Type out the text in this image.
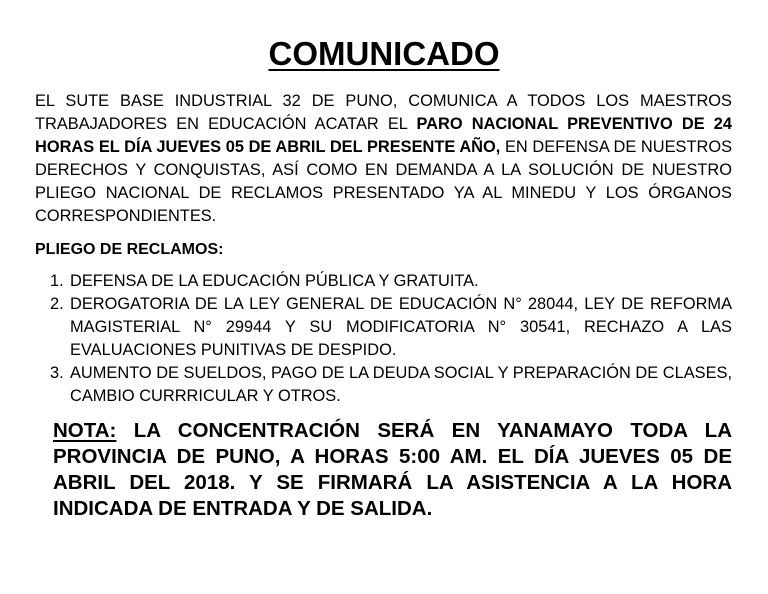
COMUNICADO

EL SUTE BASE INDUSTRIAL 32 DE PUNO, COMUNICA A TODOS LOS MAESTROS TRABAJADORES EN EDUCACIÓN ACATAR EL PARO NACIONAL PREVENTIVO DE 24 HORAS EL DÍA JUEVES 05 DE ABRIL DEL PRESENTE AÑO, EN DEFENSA DE NUESTROS DERECHOS Y CONQUISTAS, ASÍ COMO EN DEMANDA A LA SOLUCIÓN DE NUESTRO PLIEGO NACIONAL DE RECLAMOS PRESENTADO YA AL MINEDU Y LOS ÓRGANOS CORRESPONDIENTES.

PLIEGO DE RECLAMOS:

1. DEFENSA DE LA EDUCACIÓN PÚBLICA Y GRATUITA.
2. DEROGATORIA DE LA LEY GENERAL DE EDUCACIÓN N° 28044, LEY DE REFORMA MAGISTERIAL N° 29944 Y SU MODIFICATORIA N° 30541, RECHAZO A LAS EVALUACIONES PUNITIVAS DE DESPIDO.
3. AUMENTO DE SUELDOS, PAGO DE LA DEUDA SOCIAL Y PREPARACIÓN DE CLASES, CAMBIO CURRRICULAR Y OTROS.

NOTA: LA CONCENTRACIÓN SERÁ EN YANAMAYO TODA LA PROVINCIA DE PUNO, A HORAS 5:00 AM. EL DÍA JUEVES 05 DE ABRIL DEL 2018. Y SE FIRMARÁ LA ASISTENCIA A LA HORA INDICADA DE ENTRADA Y DE SALIDA.
